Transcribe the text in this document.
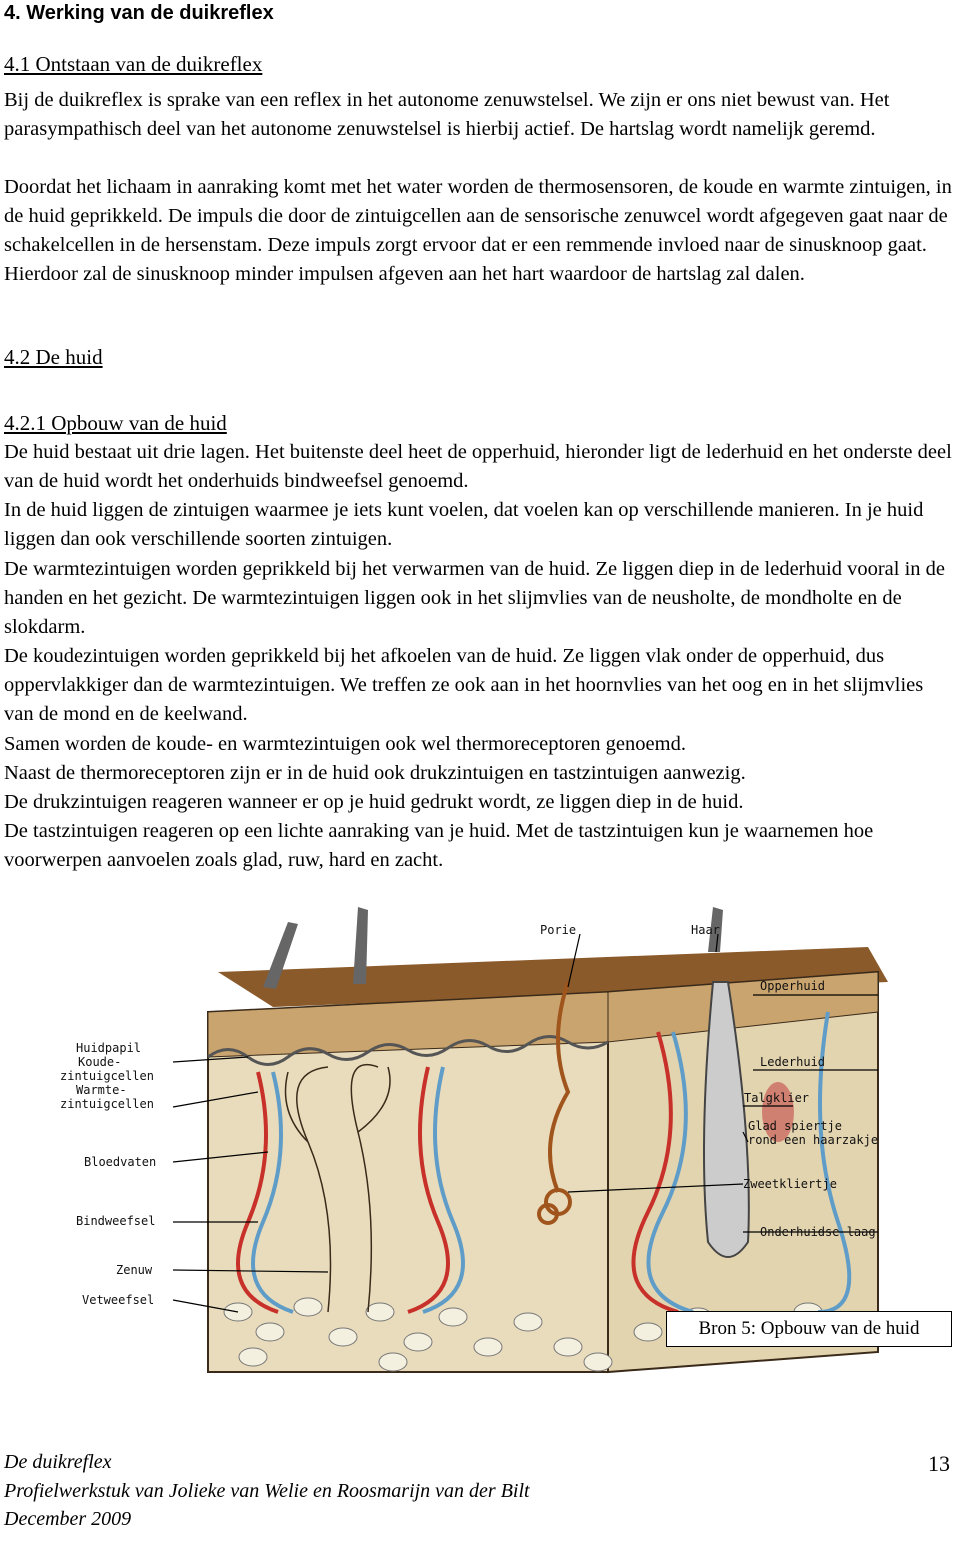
4. Werking van de duikreflex
4.1 Ontstaan van de duikreflex

Bij de duikreflex is sprake van een reflex in het autonome zenuwstelsel. We zijn er ons niet bewust van. Het parasympathisch deel van het autonome zenuwstelsel is hierbij actief. De hartslag wordt namelijk geremd.

Doordat het lichaam in aanraking komt met het water worden de thermosensoren, de koude en warmte zintuigen, in de huid geprikkeld. De impuls die door de zintuigcellen aan de sensorische zenuwcel wordt afgegeven gaat naar de schakelcellen in de hersenstam. Deze impuls zorgt ervoor dat er een remmende invloed naar de sinusknoop gaat. Hierdoor zal de sinusknoop minder impulsen afgeven aan het hart waardoor de hartslag zal dalen.

4.2 De huid
4.2.1 Opbouw van de huid

De huid bestaat uit drie lagen. Het buitenste deel heet de opperhuid, hieronder ligt de lederhuid en het onderste deel van de huid wordt het onderhuids bindweefsel genoemd.

In de huid liggen de zintuigen waarmee je iets kunt voelen, dat voelen kan op verschillende manieren. In je huid liggen dan ook verschillende soorten zintuigen.

De warmtezintuigen worden geprikkeld bij het verwarmen van de huid. Ze liggen diep in de lederhuid vooral in de handen en het gezicht. De warmtezintuigen liggen ook in het slijmvlies van de neusholte, de mondholte en de slokdarm.

De koudezintuigen worden geprikkeld bij het afkoelen van de huid. Ze liggen vlak onder de opperhuid, dus oppervlakkiger dan de warmtezintuigen. We treffen ze ook aan in het hoornvlies van het oog en in het slijmvlies van de mond en de keelwand.

Samen worden de koude- en warmtezintuigen ook wel thermoreceptoren genoemd.

Naast de thermoreceptoren zijn er in de huid ook drukzintuigen en tastzintuigen aanwezig.

De drukzintuigen reageren wanneer er op je huid gedrukt wordt, ze liggen diep in de huid.

De tastzintuigen reageren op een lichte aanraking van je huid. Met de tastzintuigen kun je waarnemen hoe voorwerpen aanvoelen zoals glad, ruw, hard en zacht.

Porie	Haar
Opperhuid
Lederhuid
Talgklier
Glad spiertje
rond een haarzakje
Zweetkliertje
Onderhuidse laag
Huidpapil
Koude-
zintuigcellen
Warmte-
zintuigcellen
Bloedvaten
Bindweefsel
Zenuw
Vetweefsel
Bron 5: Opbouw van de huid
De duikreflex
Profielwerkstuk van Jolieke van Welie en Roosmarijn van der Bilt
December 2009
13
